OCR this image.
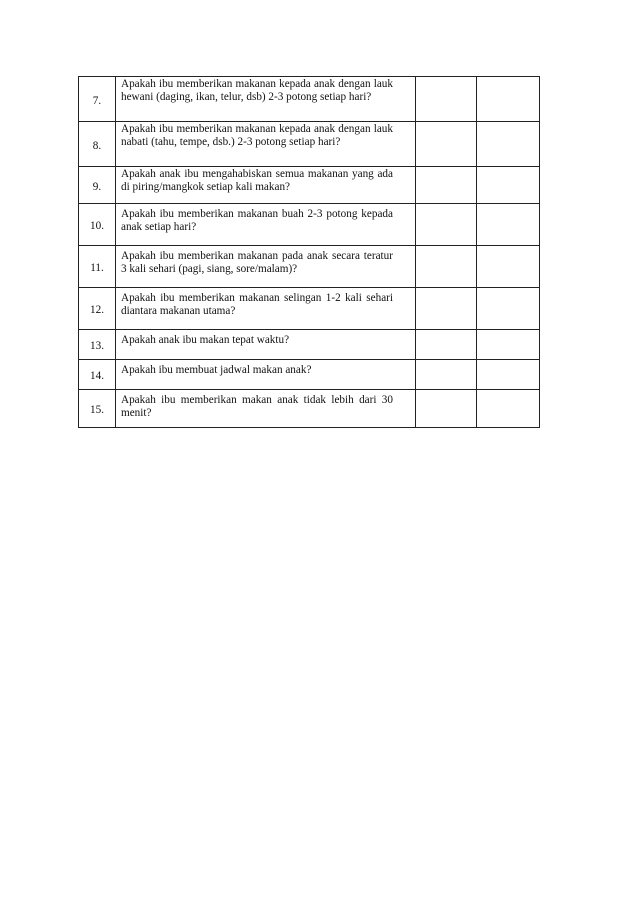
7.	Apakah ibu memberikan makanan kepada anak dengan lauk hewani (daging, ikan, telur, dsb) 2-3 potong setiap hari?		

8.	Apakah ibu memberikan makanan kepada anak dengan lauk nabati (tahu, tempe, dsb.) 2-3 potong setiap hari?		

9.	Apakah anak ibu mengahabiskan semua makanan yang ada di piring/mangkok setiap kali makan?		

10.	Apakah ibu memberikan makanan buah 2-3 potong kepada anak setiap hari?		

11.	Apakah ibu memberikan makanan pada anak secara teratur 3 kali sehari (pagi, siang, sore/malam)?		

12.	Apakah ibu memberikan makanan selingan 1-2 kali sehari diantara makanan utama?		

13.	Apakah anak ibu makan tepat waktu?		

14.	Apakah ibu membuat jadwal makan anak?		

15.	Apakah ibu memberikan makan anak tidak lebih dari 30 menit?		
